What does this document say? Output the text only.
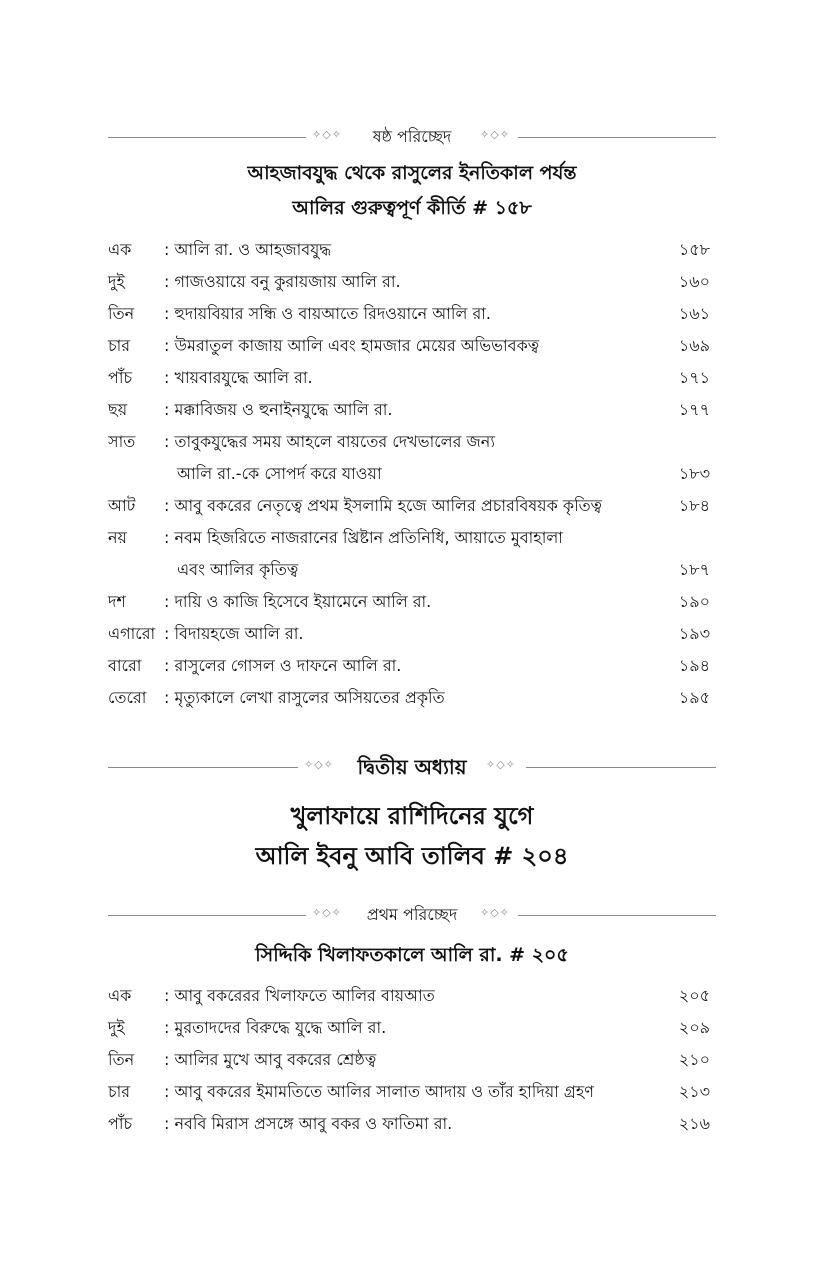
✧◇✧	✧◇✧
ষষ্ঠ পরিচ্ছেদ
আহজাবযুদ্ধ থেকে রাসুলের ইনতিকাল পর্যন্ত
আলির গুরুত্বপূর্ণ কীর্তি # ১৫৮
এক	: আলি রা. ও আহজাবযুদ্ধ	১৫৮
দুই	: গাজওয়ায়ে বনু কুরায়জায় আলি রা.	১৬০
তিন	: হুদায়বিয়ার সন্ধি ও বায়আতে রিদওয়ানে আলি রা.	১৬১
চার	: উমরাতুল কাজায় আলি এবং হামজার মেয়ের অভিভাবকত্ব	১৬৯
পাঁচ	: খায়বারযুদ্ধে আলি রা.	১৭১
ছয়	: মক্কাবিজয় ও হুনাইনযুদ্ধে আলি রা.	১৭৭
সাত	: তাবুকযুদ্ধের সময় আহলে বায়তের দেখভালের জন্য
আলি রা.-কে সোপর্দ করে যাওয়া	১৮৩
আট	: আবু বকরের নেতৃত্বে প্রথম ইসলামি হজে আলির প্রচারবিষয়ক কৃতিত্ব	১৮৪
নয়	: নবম হিজরিতে নাজরানের খ্রিষ্টান প্রতিনিধি, আয়াতে মুবাহালা
এবং আলির কৃতিত্ব	১৮৭
দশ	: দায়ি ও কাজি হিসেবে ইয়ামেনে আলি রা.	১৯০
এগারো : বিদায়হজে আলি রা.	১৯৩
বারো	: রাসুলের গোসল ও দাফনে আলি রা.	১৯৪
তেরো	: মৃত্যুকালে লেখা রাসুলের অসিয়তের প্রকৃতি	১৯৫
✧◇✧	✧◇✧
দ্বিতীয় অধ্যায়
খুলাফায়ে রাশিদিনের যুগে
আলি ইবনু আবি তালিব # ২০৪
✧◇✧	✧◇✧
প্রথম পরিচ্ছেদ
সিদ্দিকি খিলাফতকালে আলি রা. # ২০৫
এক	: আবু বকরেরর খিলাফতে আলির বায়আত	২০৫
দুই	: মুরতাদদের বিরুদ্ধে যুদ্ধে আলি রা.	২০৯
তিন	: আলির মুখে আবু বকরের শ্রেষ্ঠত্ব	২১০
চার	: আবু বকরের ইমামতিতে আলির সালাত আদায় ও তাঁর হাদিয়া গ্রহণ	২১৩
পাঁচ	: নববি মিরাস প্রসঙ্গে আবু বকর ও ফাতিমা রা.	২১৬
